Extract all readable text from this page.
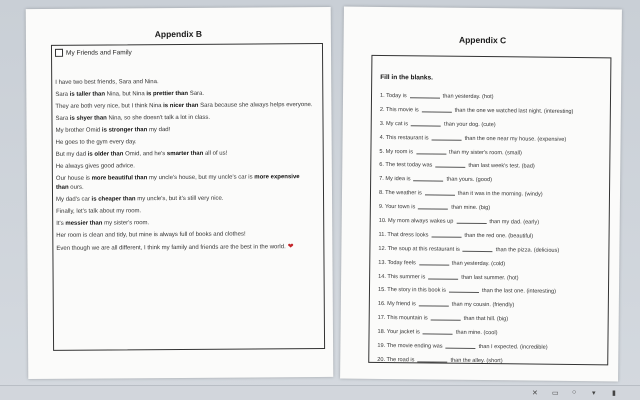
Appendix B
My Friends and Family
I have two best friends, Sara and Nina.
Sara is taller than Nina, but Nina is prettier than Sara.
They are both very nice, but I think Nina is nicer than Sara because she always helps everyone.
Sara is shyer than Nina, so she doesn't talk a lot in class.
My brother Omid is stronger than my dad!
He goes to the gym every day.
But my dad is older than Omid, and he's smarter than all of us!
He always gives good advice.
Our house is more beautiful than my uncle's house, but my uncle's car is more expensive than ours.
My dad's car is cheaper than my uncle's, but it's still very nice.
Finally, let's talk about my room.
It's messier than my sister's room.
Her room is clean and tidy, but mine is always full of books and clothes!
Even though we are all different, I think my family and friends are the best in the world. ❤
Appendix C
Fill in the blanks.
1. Today is	than yesterday. (hot)
2. This movie is	than the one we watched last night. (interesting)
3. My cat is	than your dog. (cute)
4. This restaurant is	than the one near my house. (expensive)
5. My room is	than my sister's room. (small)
6. The test today was	than last week's test. (bad)
7. My idea is	than yours. (good)
8. The weather is	than it was in the morning. (windy)
9. Your town is	than mine. (big)
10. My mom always wakes up	than my dad. (early)
11. That dress looks	than the red one. (beautiful)
12. The soup at this restaurant is	than the pizza. (delicious)
13. Today feels	than yesterday. (cold)
14. This summer is	than last summer. (hot)
15. The story in this book is	than the last one. (interesting)
16. My friend is	than my cousin. (friendly)
17. This mountain is	than that hill. (big)
18. Your jacket is	than mine. (cool)
19. The movie ending was	than I expected. (incredible)
20. The road is	than the alley. (short)
✕ ▭ ○ ▾ ▮
